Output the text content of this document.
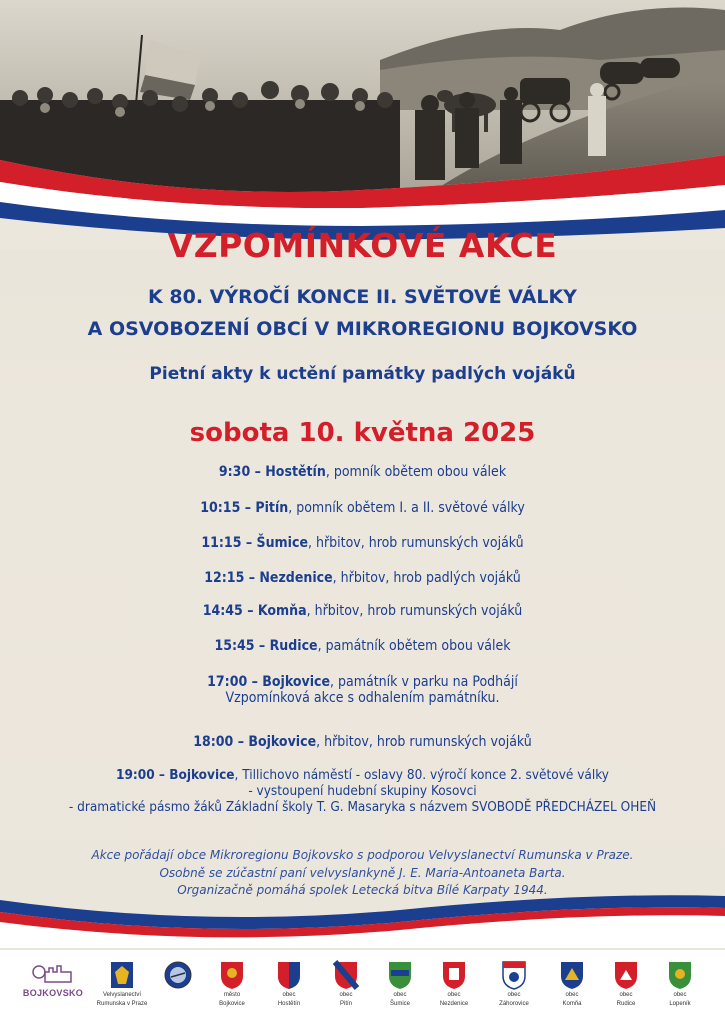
VZPOMÍNKOVÉ AKCE
K 80. VÝROČÍ KONCE II. SVĚTOVÉ VÁLKY
A OSVOBOZENÍ OBCÍ V MIKROREGIONU BOJKOVSKO
Pietní akty k uctění památky padlých vojáků
sobota 10. května 2025
9:30 – Hostětín, pomník obětem obou válek
10:15 – Pitín, pomník obětem I. a II. světové války
11:15 – Šumice, hřbitov, hrob rumunských vojáků
12:15 – Nezdenice, hřbitov, hrob padlých vojáků
14:45 – Komňa, hřbitov, hrob rumunských vojáků
15:45 – Rudice, památník obětem obou válek
17:00 – Bojkovice, památník v parku na Podhájí
Vzpomínková akce s odhalením památníku.
18:00 – Bojkovice, hřbitov, hrob rumunských vojáků
19:00 – Bojkovice, Tillichovo náměstí - oslavy 80. výročí konce 2. světové války
- vystoupení hudební skupiny Kosovci
- dramatické pásmo žáků Základní školy T. G. Masaryka s názvem SVOBODĚ PŘEDCHÁZEL OHEŇ
Akce pořádají obce Mikroregionu Bojkovsko s podporou Velvyslanectví Rumunska v Praze.
Osobně se zúčastní paní velvyslankyně J. E. Maria-Antoaneta Barta.
Organizačně pomáhá spolek Letecká bitva Bílé Karpaty 1944.
BOJKOVSKO	Velvyslanectví
Rumunska v Praze
město
Bojkovice
obec
Hostětín
obec
Pitín
obec
Šumice
obec
Nezdenice
obec
Záhorovice
obec
Komňa
obec
Rudice
obec
Lopeník
